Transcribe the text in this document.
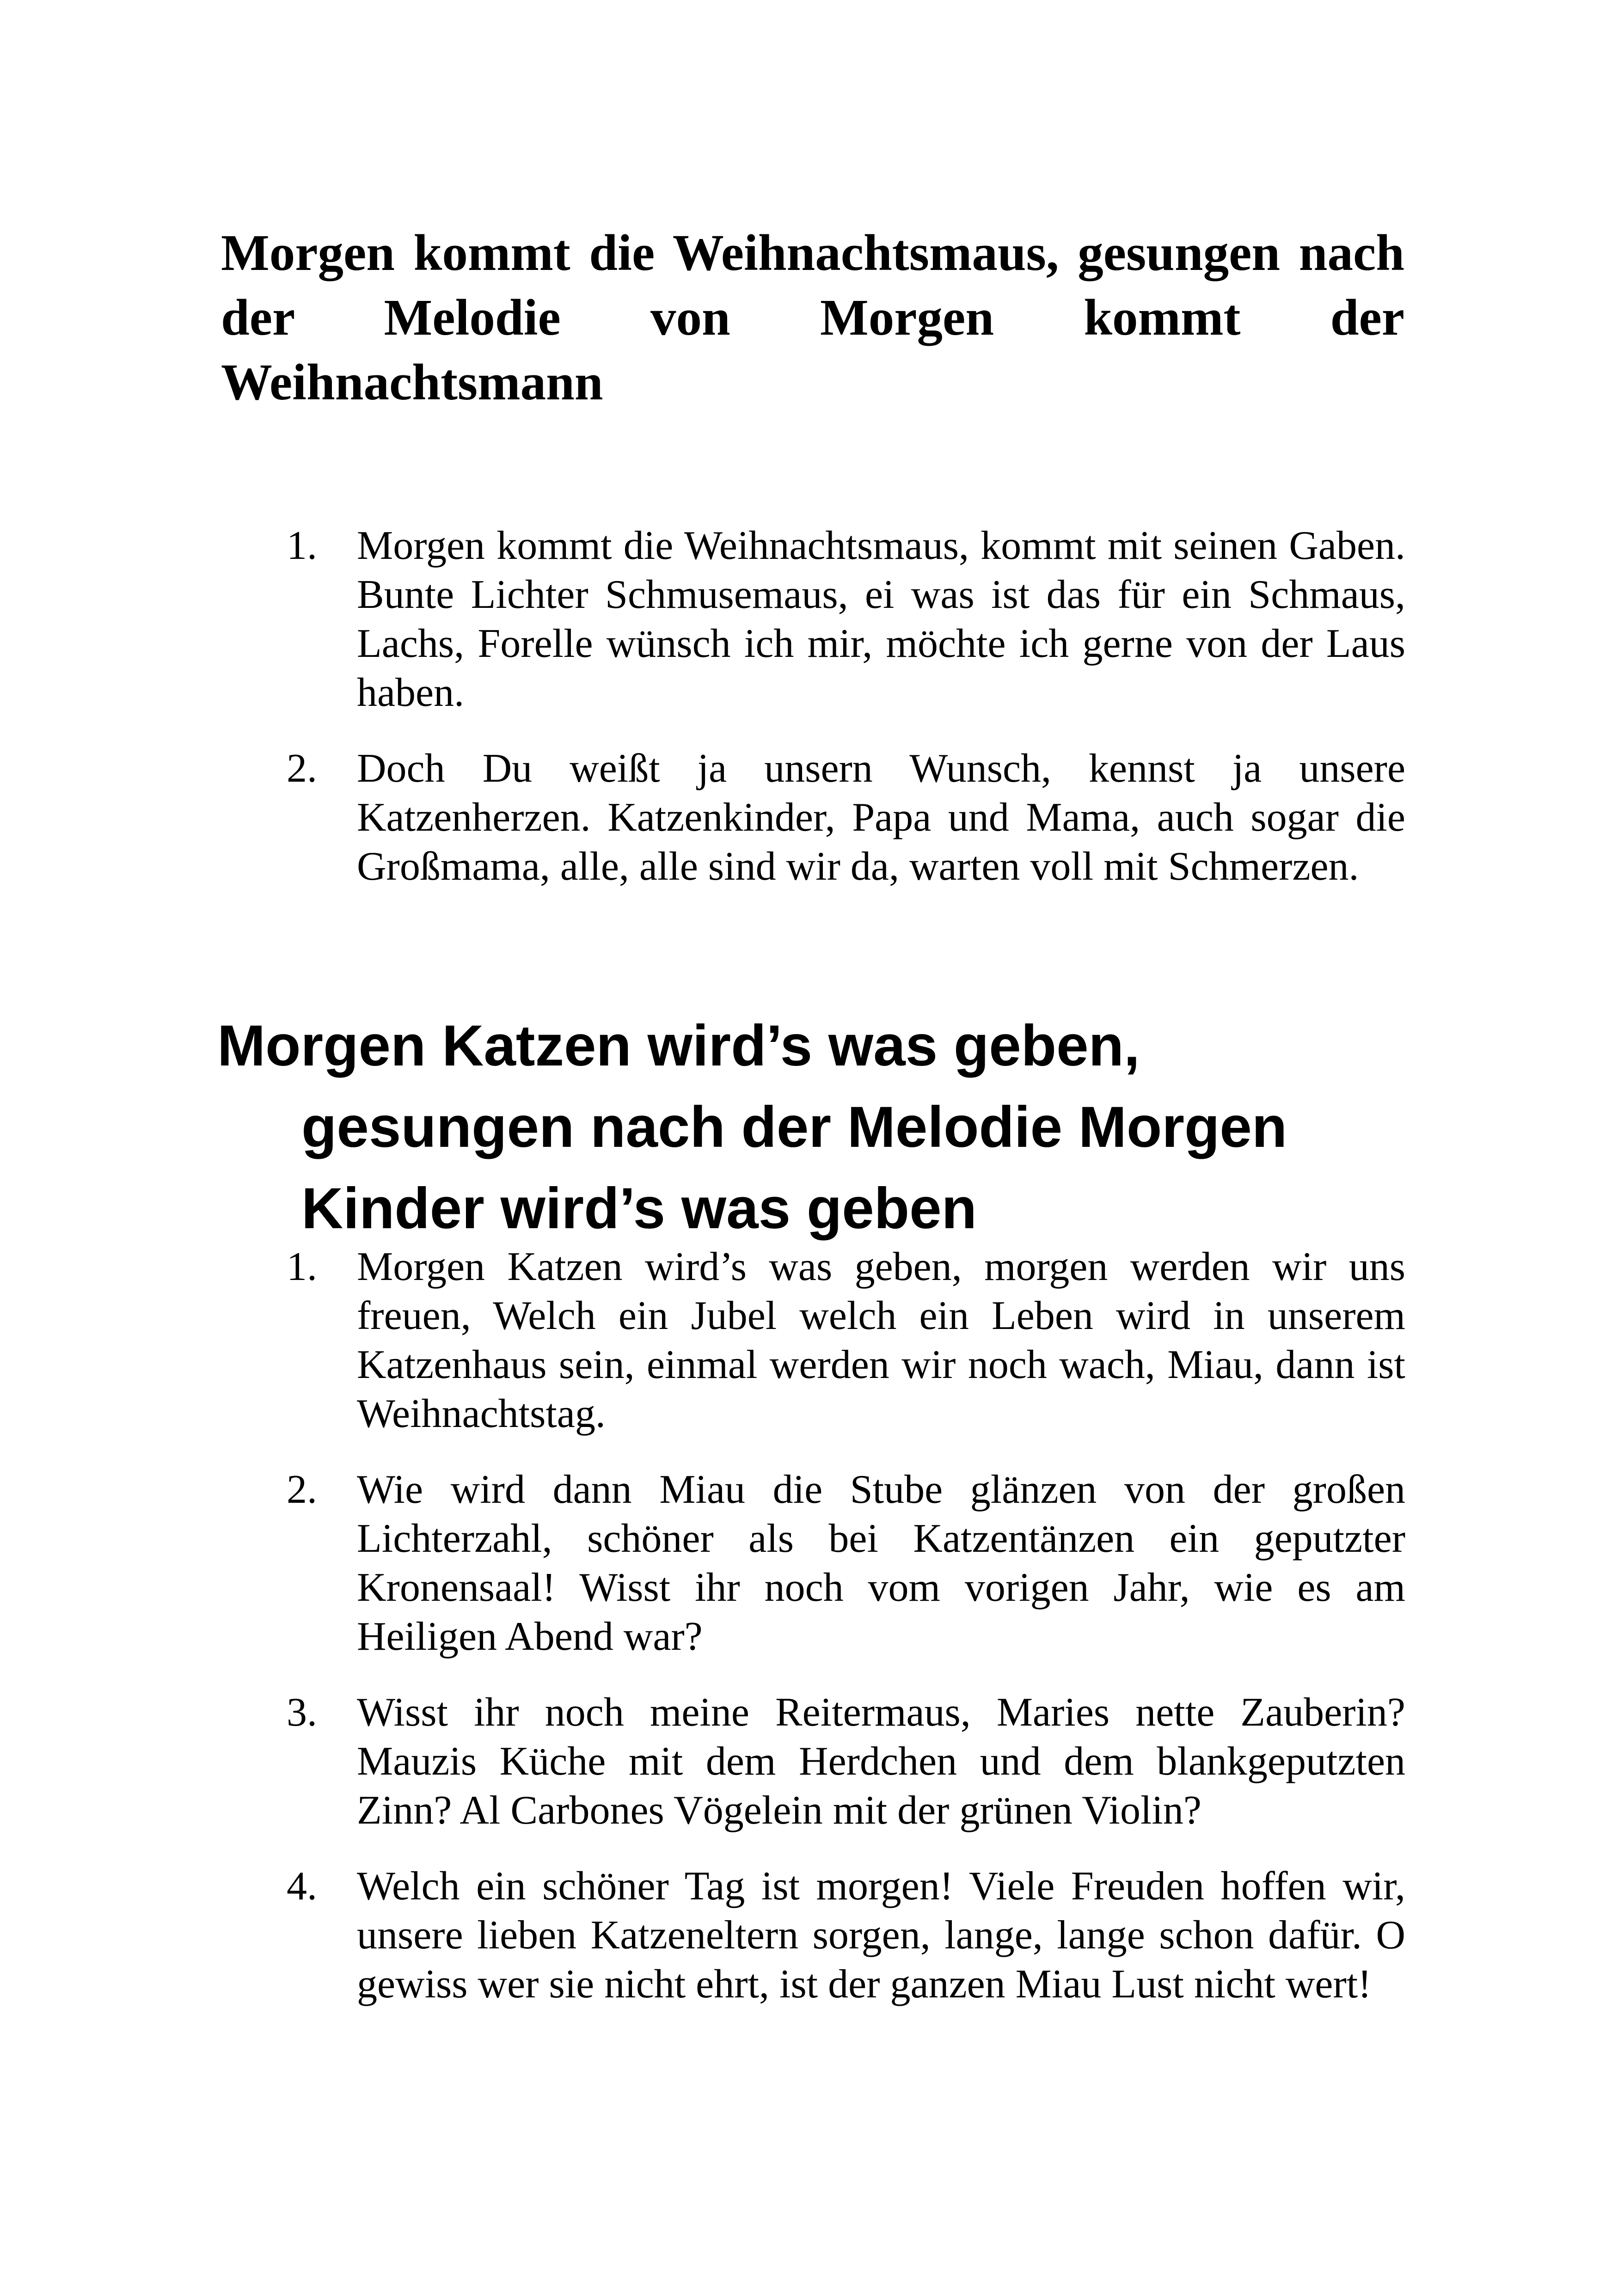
Morgen kommt die Weihnachtsmaus, gesungen nach der Melodie von Morgen kommt der Weihnachtsmann
1. Morgen kommt die Weihnachtsmaus, kommt mit seinen Gaben. Bunte Lichter Schmusemaus, ei was ist das für ein Schmaus, Lachs, Forelle wünsch ich mir, möchte ich gerne von der Laus haben.
2. Doch Du weißt ja unsern Wunsch, kennst ja unsere Katzenherzen. Katzenkinder, Papa und Mama, auch sogar die Großmama, alle, alle sind wir da, warten voll mit Schmerzen.
Morgen Katzen wird’s was geben, gesungen nach der Melodie Morgen Kinder wird’s was geben
1. Morgen Katzen wird’s was geben, morgen werden wir uns freuen, Welch ein Jubel welch ein Leben wird in unserem Katzenhaus sein, einmal werden wir noch wach, Miau, dann ist Weihnachtstag.
2. Wie wird dann Miau die Stube glänzen von der großen Lichterzahl, schöner als bei Katzentänzen ein geputzter Kronensaal! Wisst ihr noch vom vorigen Jahr, wie es am Heiligen Abend war?
3. Wisst ihr noch meine Reitermaus, Maries nette Zauberin? Mauzis Küche mit dem Herdchen und dem blankgeputzten Zinn? Al Carbones Vögelein mit der grünen Violin?
4. Welch ein schöner Tag ist morgen! Viele Freuden hoffen wir, unsere lieben Katzeneltern sorgen, lange, lange schon dafür. O gewiss wer sie nicht ehrt, ist der ganzen Miau Lust nicht wert!
